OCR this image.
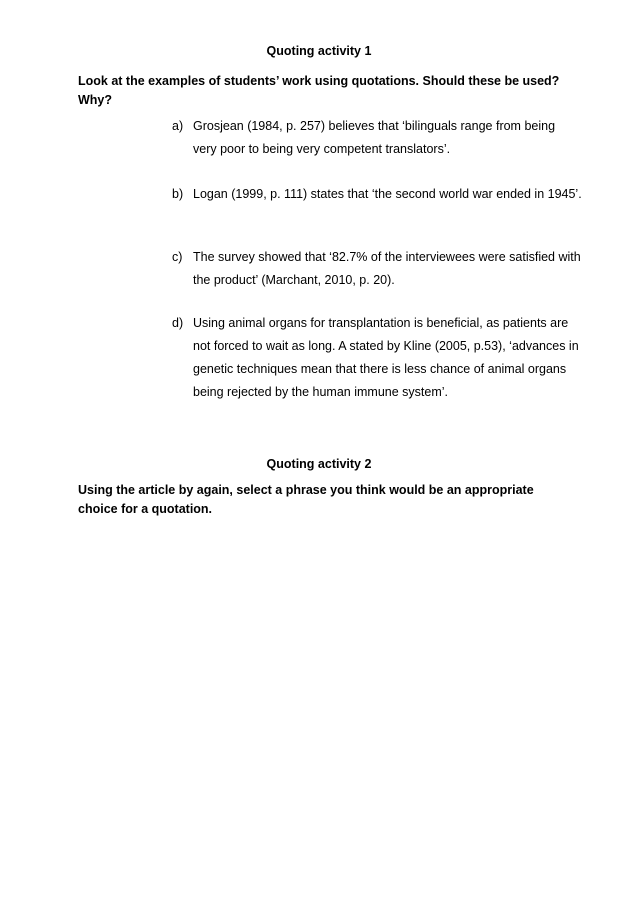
Quoting activity 1
Look at the examples of students’ work using quotations. Should these be used? Why?
a) Grosjean (1984, p. 257) believes that ‘bilinguals range from being very poor to being very competent translators’.
b) Logan (1999, p. 111) states that ‘the second world war ended in 1945’.
c) The survey showed that ‘82.7% of the interviewees were satisfied with the product’ (Marchant, 2010, p. 20).
d) Using animal organs for transplantation is beneficial, as patients are not forced to wait as long. A stated by Kline (2005, p.53), ‘advances in genetic techniques mean that there is less chance of animal organs being rejected by the human immune system’.
Quoting activity 2
Using the article by again, select a phrase you think would be an appropriate choice for a quotation.
